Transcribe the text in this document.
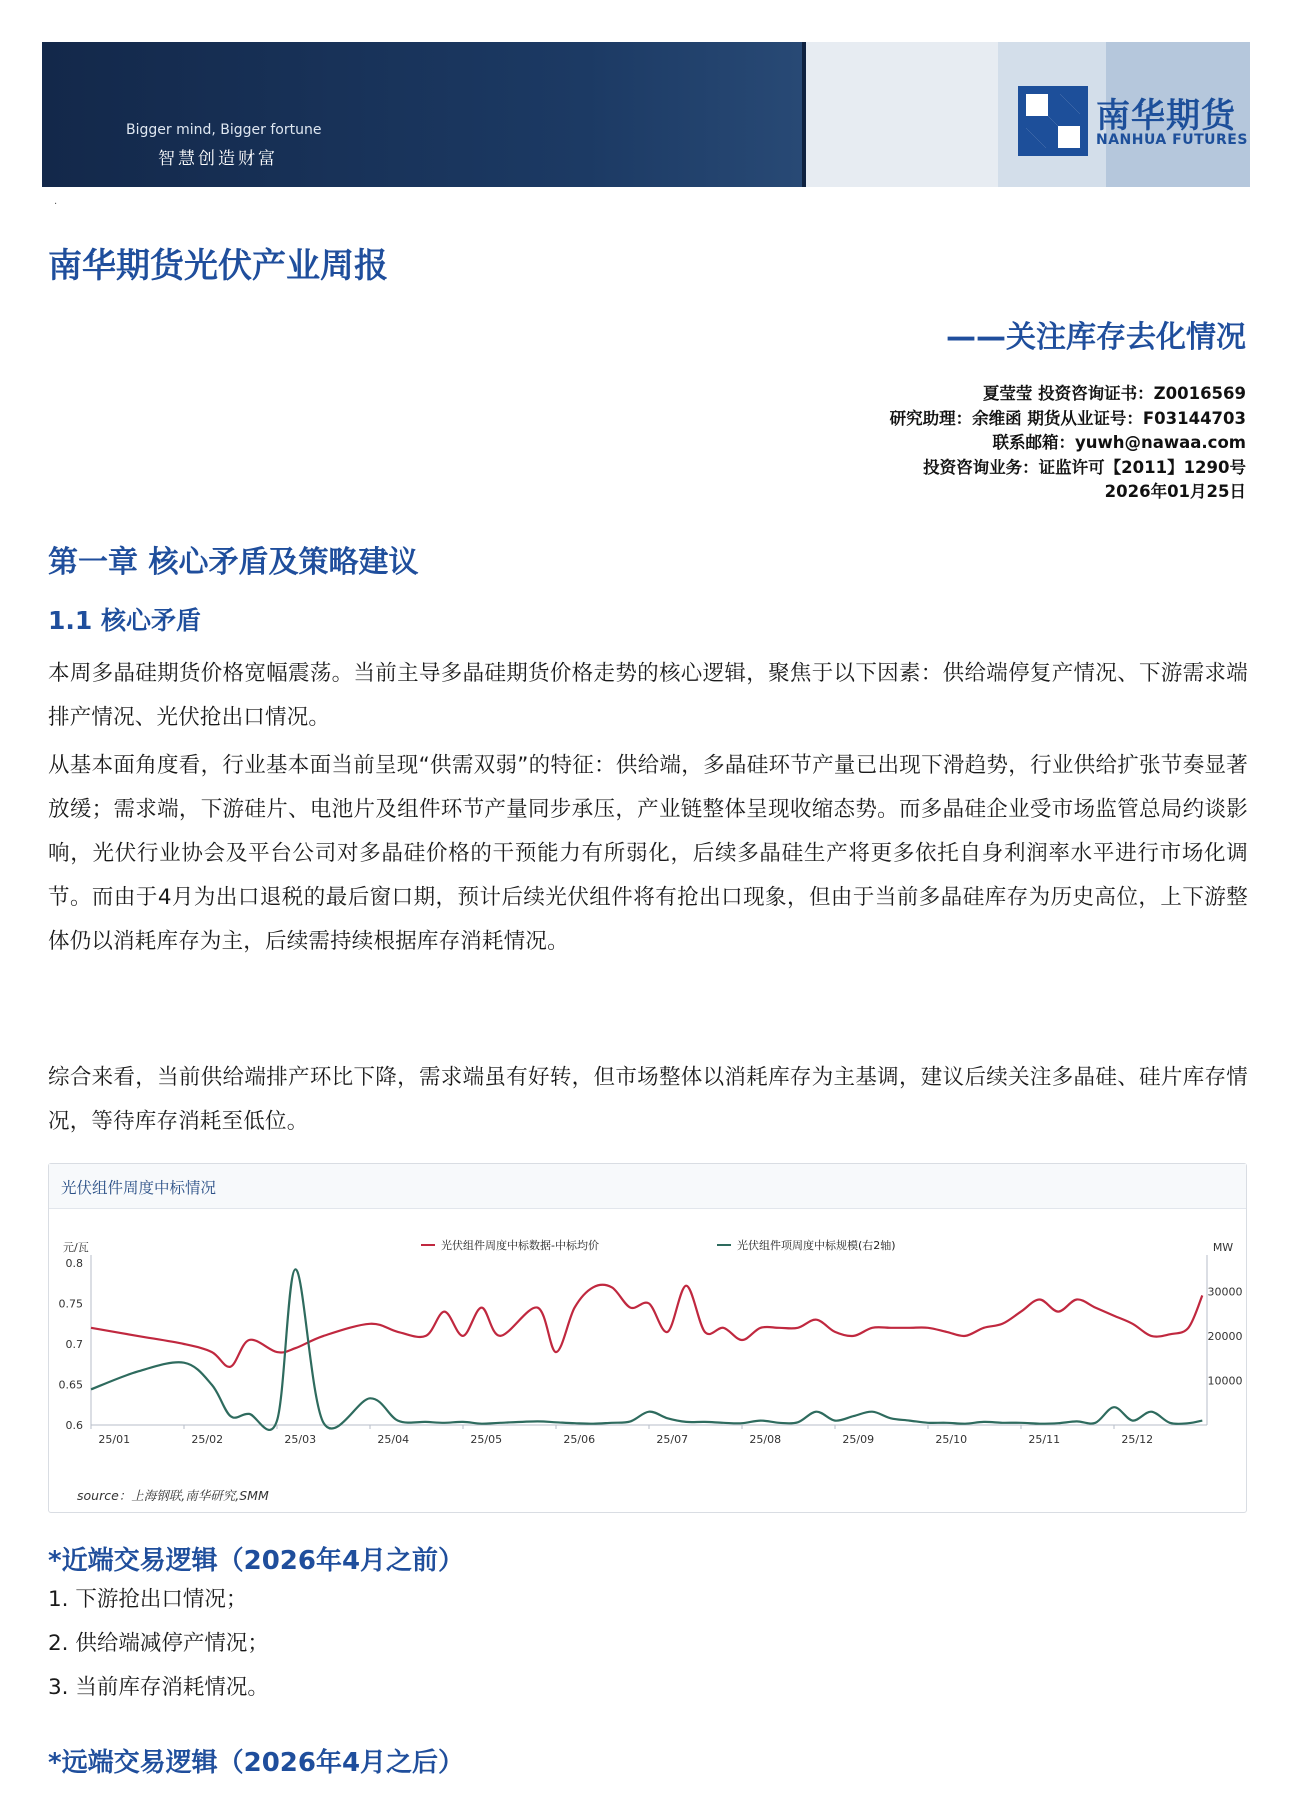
Bigger mind, Bigger fortune
智慧创造财富
南华期货
NANHUA FUTURES
.
南华期货光伏产业周报
——关注库存去化情况
夏莹莹 投资咨询证书：Z0016569
研究助理：余维函 期货从业证号：F03144703
联系邮箱：yuwh@nawaa.com
投资咨询业务：证监许可【2011】1290号
2026年01月25日
第一章 核心矛盾及策略建议
1.1 核心矛盾
本周多晶硅期货价格宽幅震荡。当前主导多晶硅期货价格走势的核心逻辑，聚焦于以下因素：供给端停复产情况、下游需求端排产情况、光伏抢出口情况。
从基本面角度看，行业基本面当前呈现“供需双弱”的特征：供给端，多晶硅环节产量已出现下滑趋势，行业供给扩张节奏显著放缓；需求端，下游硅片、电池片及组件环节产量同步承压，产业链整体呈现收缩态势。而多晶硅企业受市场监管总局约谈影响，光伏行业协会及平台公司对多晶硅价格的干预能力有所弱化，后续多晶硅生产将更多依托自身利润率水平进行市场化调节。而由于4月为出口退税的最后窗口期，预计后续光伏组件将有抢出口现象，但由于当前多晶硅库存为历史高位，上下游整体仍以消耗库存为主，后续需持续根据库存消耗情况。
综合来看，当前供给端排产环比下降，需求端虽有好转，但市场整体以消耗库存为主基调，建议后续关注多晶硅、硅片库存情况，等待库存消耗至低位。
光伏组件周度中标情况
元/瓦	MW
0.8
0.75
0.7
0.65
0.6
30000
20000
10000
25/01	25/02	25/03	25/04	25/05	25/06	25/07	25/08	25/09	25/10	25/11	25/12
光伏组件周度中标数据-中标均价	光伏组件项周度中标规模(右2轴)
source：上海钢联,南华研究,SMM
*近端交易逻辑（2026年4月之前）
1. 下游抢出口情况；
2. 供给端减停产情况；
3. 当前库存消耗情况。
*远端交易逻辑（2026年4月之后）
